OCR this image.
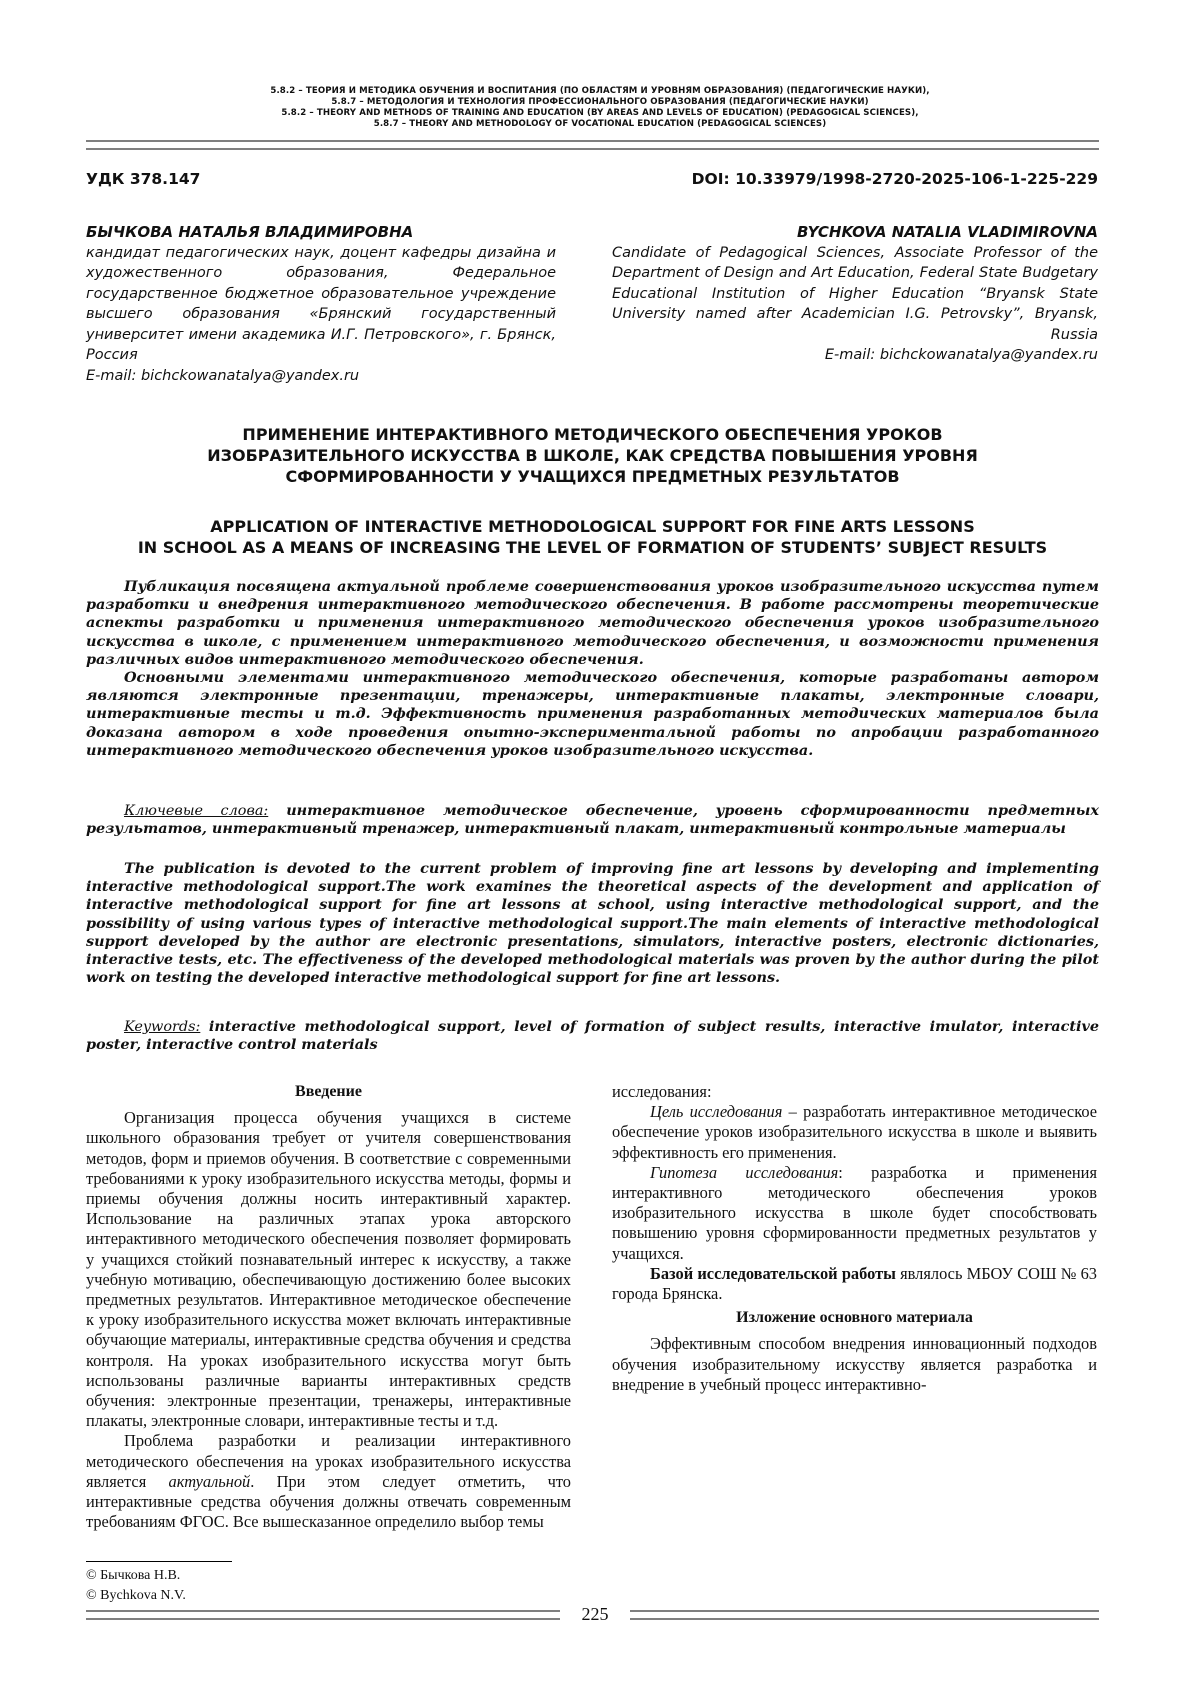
5.8.2 – ТЕОРИЯ И МЕТОДИКА ОБУЧЕНИЯ И ВОСПИТАНИЯ (ПО ОБЛАСТЯМ И УРОВНЯМ ОБРАЗОВАНИЯ) (ПЕДАГОГИЧЕСКИЕ НАУКИ),
5.8.7 – МЕТОДОЛОГИЯ И ТЕХНОЛОГИЯ ПРОФЕССИОНАЛЬНОГО ОБРАЗОВАНИЯ (ПЕДАГОГИЧЕСКИЕ НАУКИ)
5.8.2 – THEORY AND METHODS OF TRAINING AND EDUCATION (BY AREAS AND LEVELS OF EDUCATION) (PEDAGOGICAL SCIENCES),
5.8.7 – THEORY AND METHODOLOGY OF VOCATIONAL EDUCATION (PEDAGOGICAL SCIENCES)
УДК 378.147	DOI: 10.33979/1998-2720-2025-106-1-225-229
БЫЧКОВА НАТАЛЬЯ ВЛАДИМИРОВНА
кандидат педагогических наук, доцент кафедры дизайна и художественного образования, Федеральное государственное бюджетное образовательное учреждение высшего образования «Брянский государственный университет имени академика И.Г. Петровского», г. Брянск, Россия
E-mail: bichckowanatalya@yandex.ru
BYCHKOVA NATALIA VLADIMIROVNA
Candidate of Pedagogical Sciences, Associate Professor of the Department of Design and Art Education, Federal State Budgetary Educational Institution of Higher Education “Bryansk State University named after Academician I.G. Petrovsky”, Bryansk, Russia
E-mail: bichckowanatalya@yandex.ru
ПРИМЕНЕНИЕ ИНТЕРАКТИВНОГО МЕТОДИЧЕСКОГО ОБЕСПЕЧЕНИЯ УРОКОВ
ИЗОБРАЗИТЕЛЬНОГО ИСКУССТВА В ШКОЛЕ, КАК СРЕДСТВА ПОВЫШЕНИЯ УРОВНЯ
СФОРМИРОВАННОСТИ У УЧАЩИХСЯ ПРЕДМЕТНЫХ РЕЗУЛЬТАТОВ
APPLICATION OF INTERACTIVE METHODOLOGICAL SUPPORT FOR FINE ARTS LESSONS
IN SCHOOL AS A MEANS OF INCREASING THE LEVEL OF FORMATION OF STUDENTS’ SUBJECT RESULTS

Публикация посвящена актуальной проблеме совершенствования уроков изобразительного искусства путем разработки и внедрения интерактивного методического обеспечения. В работе рассмотрены теоретические аспекты разработки и применения интерактивного методического обеспечения уроков изобразительного искусства в школе, с применением интерактивного методического обеспечения, и возможности применения различных видов интерактивного методического обеспечения.

Основными элементами интерактивного методического обеспечения, которые разработаны автором являются электронные презентации, тренажеры, интерактивные плакаты, электронные словари, интерактивные тесты и т.д. Эффективность применения разработанных методических материалов была доказана автором в ходе проведения опытно-экспериментальной работы по апробации разработанного интерактивного методического обеспечения уроков изобразительного искусства.

Ключевые слова: интерактивное методическое обеспечение, уровень сформированности предметных результатов, интерактивный тренажер, интерактивный плакат, интерактивный контрольные материалы

The publication is devoted to the current problem of improving fine art lessons by developing and implementing interactive methodological support.The work examines the theoretical aspects of the development and application of interactive methodological support for fine art lessons at school, using interactive methodological support, and the possibility of using various types of interactive methodological support.The main elements of interactive methodological support developed by the author are electronic presentations, simulators, interactive posters, electronic dictionaries, interactive tests, etc. The effectiveness of the developed methodological materials was proven by the author during the pilot work on testing the developed interactive methodological support for fine art lessons.

Keywords: interactive methodological support, level of formation of subject results, interactive imulator, interactive poster, interactive control materials

Введение

Организация процесса обучения учащихся в системе школьного образования требует от учителя совершенствования методов, форм и приемов обучения. В соответствие с современными требованиями к уроку изобразительного искусства методы, формы и приемы обучения должны носить интерактивный характер. Использование на различных этапах урока авторского интерактивного методического обеспечения позволяет формировать у учащихся стойкий познавательный интерес к искусству, а также учебную мотивацию, обеспечивающую достижению более высоких предметных результатов. Интерактивное методическое обеспечение к уроку изобразительного искусства может включать интерактивные обучающие материалы, интерактивные средства обучения и средства контроля. На уроках изобразительного искусства могут быть использованы различные варианты интерактивных средств обучения: электронные презентации, тренажеры, интерактивные плакаты, электронные словари, интерактивные тесты и т.д.

Проблема разработки и реализации интерактивного методического обеспечения на уроках изобразительного искусства является актуальной. При этом следует отметить, что интерактивные средства обучения должны отвечать современным требованиям ФГОС. Все вышесказанное определило выбор темы

исследования:

Цель исследования – разработать интерактивное методическое обеспечение уроков изобразительного искусства в школе и выявить эффективность его применения.

Гипотеза исследования: разработка и применения интерактивного методического обеспечения уроков изобразительного искусства в школе будет способствовать повышению уровня сформированности предметных результатов у учащихся.

Базой исследовательской работы являлось МБОУ СОШ № 63 города Брянска.

Изложение основного материала

Эффективным способом внедрения инновационный подходов обучения изобразительному искусству является разработка и внедрение в учебный процесс интерактивно-

© Бычкова Н.В.
© Bychkova N.V.
225
